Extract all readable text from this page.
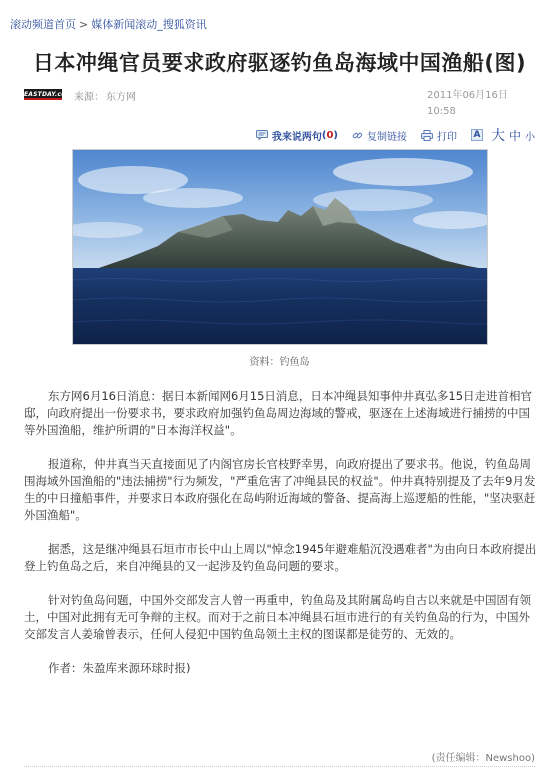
滚动频道首页 > 媒体新闻滚动_搜狐资讯
日本冲绳官员要求政府驱逐钓鱼岛海域中国渔船(图)
EASTDAY.com 来源： 东方网	2011年06月16日
10:58
我来说两句 ( 0 )	复制链接	打印 A 大 中 小
资料：钓鱼岛

东方网6月16日消息：据日本新闻网6月15日消息，日本冲绳县知事仲井真弘多15日走进首相官邸，向政府提出一份要求书，要求政府加强钓鱼岛周边海域的警戒，驱逐在上述海域进行捕捞的中国等外国渔船，维护所谓的"日本海洋权益"。

报道称，仲井真当天直接面见了内阁官房长官枝野幸男，向政府提出了要求书。他说，钓鱼岛周围海域外国渔船的"违法捕捞"行为频发，"严重危害了冲绳县民的权益"。仲井真特别提及了去年9月发生的中日撞船事件，并要求日本政府强化在岛屿附近海域的警备、提高海上巡逻船的性能，"坚决驱赶外国渔船"。

据悉，这是继冲绳县石垣市市长中山上周以"悼念1945年避难船沉没遇难者"为由向日本政府提出登上钓鱼岛之后，来自冲绳县的又一起涉及钓鱼岛问题的要求。

针对钓鱼岛问题，中国外交部发言人曾一再重申，钓鱼岛及其附属岛屿自古以来就是中国固有领土，中国对此拥有无可争辩的主权。而对于之前日本冲绳县石垣市进行的有关钓鱼岛的行为，中国外交部发言人姜瑜曾表示，任何人侵犯中国钓鱼岛领土主权的图谋都是徒劳的、无效的。

作者：朱盈库来源环球时报)

(责任编辑：Newshoo)
